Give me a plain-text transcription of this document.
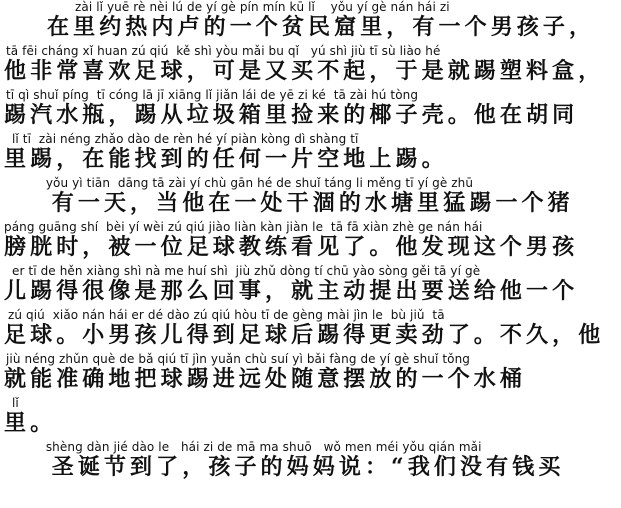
zài lǐ yuē rè nèi lú de yí gè pín mín kū lǐ    yǒu yí gè nán hái zi
在里约热内卢的一个贫民窟里，有一个男孩子，
tā fēi cháng xǐ huan zú qiú  kě shì yòu mǎi bu qǐ   yú shì jiù tī sù liào hé
他非常喜欢足球，可是又买不起，于是就踢塑料盒，
tī qì shuǐ píng  tī cóng lā jī xiāng lǐ jiǎn lái de yē zi ké  tā zài hú tòng
踢汽水瓶，踢从垃圾箱里捡来的椰子壳。他在胡同
lǐ tī  zài néng zhǎo dào de rèn hé yí piàn kòng dì shàng tī
里踢，在能找到的任何一片空地上踢。
yǒu yì tiān  dāng tā zài yí chù gān hé de shuǐ táng li měng tī yí gè zhū
有一天，当他在一处干涸的水塘里猛踢一个猪
páng guāng shí  bèi yí wèi zú qiú jiào liàn kàn jiàn le  tā fā xiàn zhè ge nán hái
膀胱时，被一位足球教练看见了。他发现这个男孩
er tī de hěn xiàng shì nà me huí shì  jiù zhǔ dòng tí chū yào sòng gěi tā yí gè
儿踢得很像是那么回事，就主动提出要送给他一个
zú qiú  xiǎo nán hái er dé dào zú qiú hòu tī de gèng mài jìn le  bù jiǔ  tā
足球。小男孩儿得到足球后踢得更卖劲了。不久，他
jiù néng zhǔn què de bǎ qiú tī jìn yuǎn chù suí yì bǎi fàng de yí gè shuǐ tǒng
就能准确地把球踢进远处随意摆放的一个水桶
lǐ
里。
shèng dàn jié dào le   hái zi de mā ma shuō   wǒ men méi yǒu qián mǎi
圣诞节到了，孩子的妈妈说：“我们没有钱买
